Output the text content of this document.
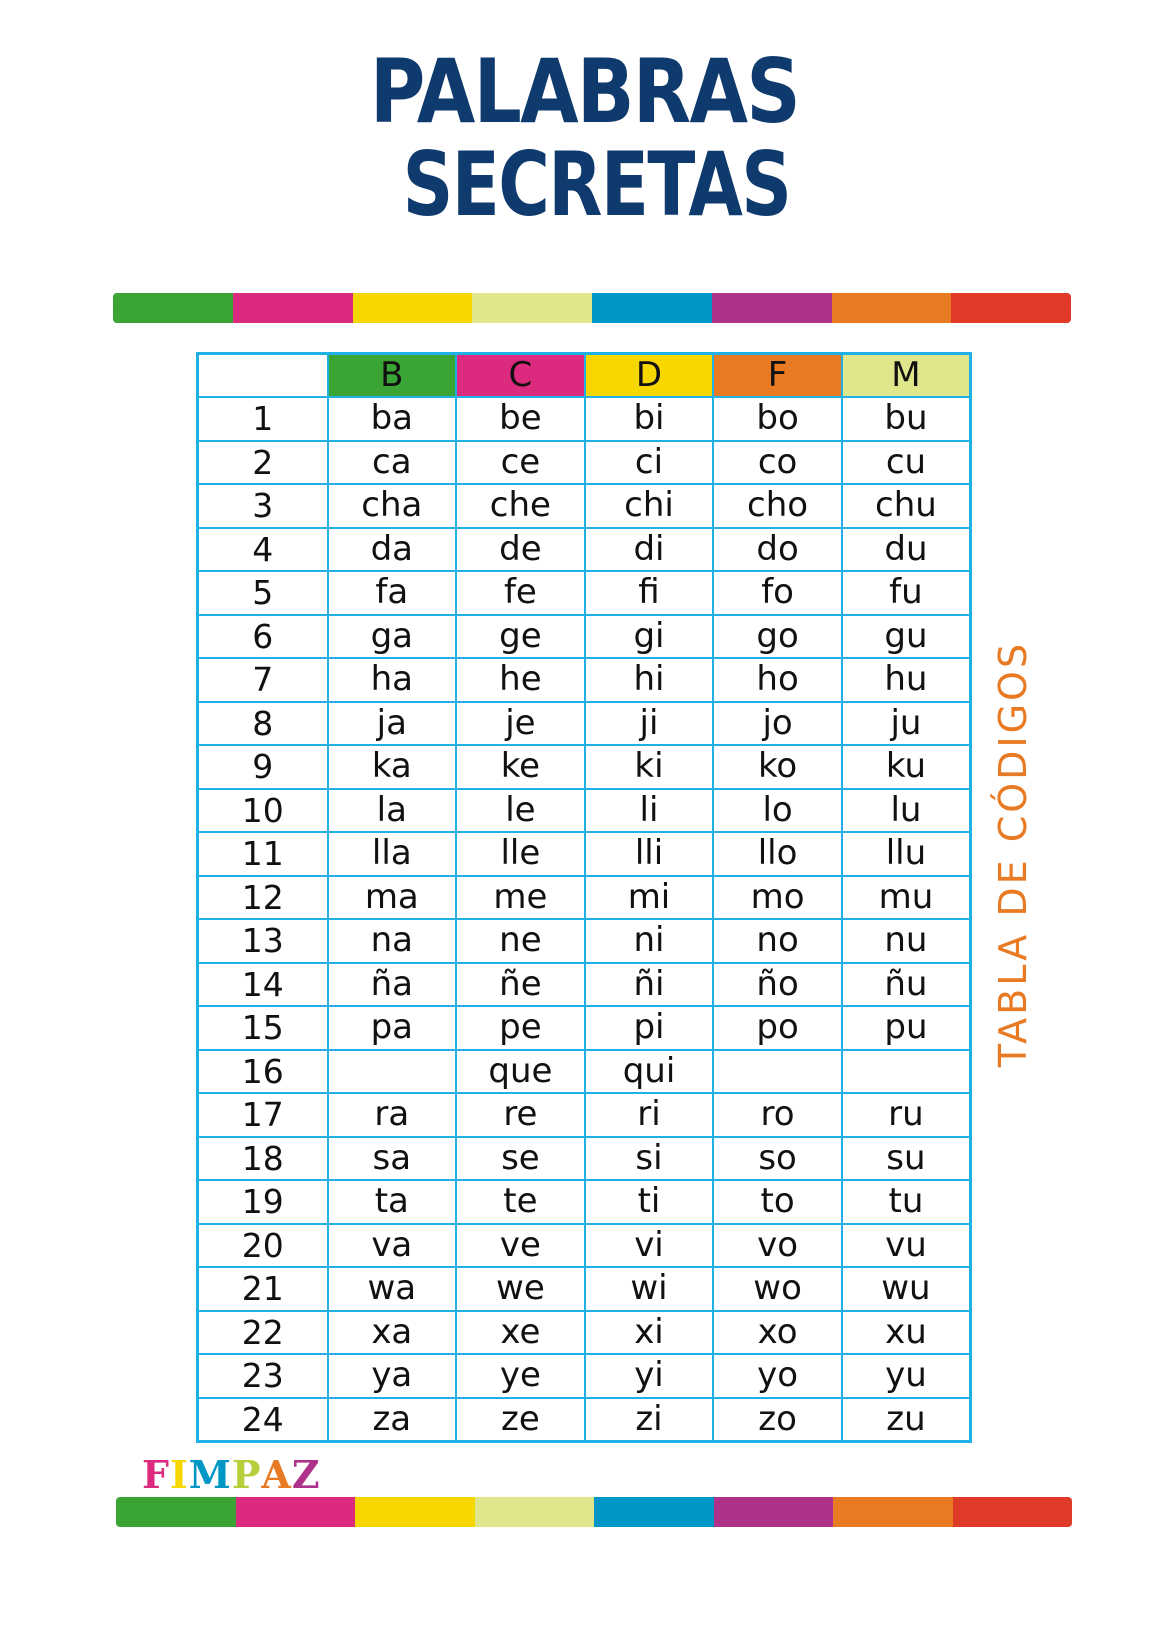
PALABRAS
SECRETAS
	B	C	D	F	M
1	ba	be	bi	bo	bu
2	ca	ce	ci	co	cu
3	cha	che	chi	cho	chu
4	da	de	di	do	du
5	fa	fe	fi	fo	fu
6	ga	ge	gi	go	gu
7	ha	he	hi	ho	hu
8	ja	je	ji	jo	ju
9	ka	ke	ki	ko	ku
10	la	le	li	lo	lu
11	lla	lle	lli	llo	llu
12	ma	me	mi	mo	mu
13	na	ne	ni	no	nu
14	ña	ñe	ñi	ño	ñu
15	pa	pe	pi	po	pu
16		que	qui		
17	ra	re	ri	ro	ru
18	sa	se	si	so	su
19	ta	te	ti	to	tu
20	va	ve	vi	vo	vu
21	wa	we	wi	wo	wu
22	xa	xe	xi	xo	xu
23	ya	ye	yi	yo	yu
24	za	ze	zi	zo	zu
TABLA DE CÓDIGOS
FIMPAZ
